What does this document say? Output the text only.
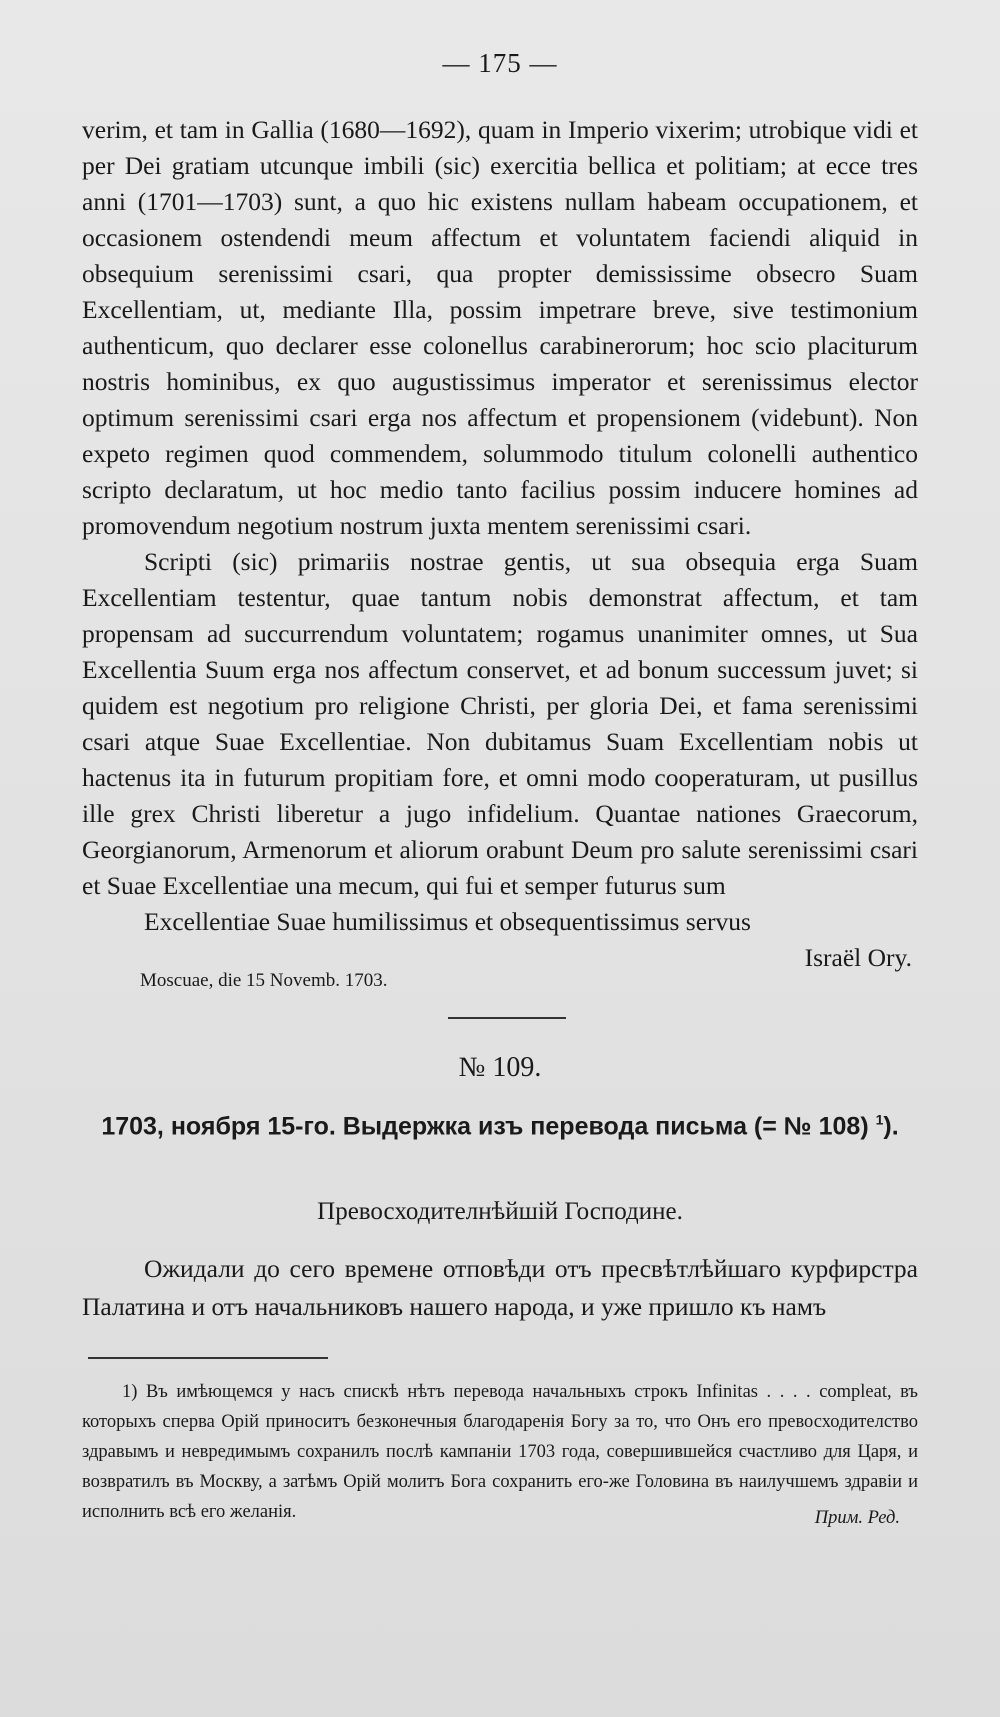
— 175 —

verim, et tam in Gallia (1680—1692), quam in Imperio vixerim; utrobique vidi et per Dei gratiam utcunque imbili (sic) exercitia bellica et politiam; at ecce tres anni (1701—1703) sunt, a quo hic existens nullam habeam occupationem, et occasionem ostendendi meum affectum et voluntatem faciendi aliquid in obsequium serenissimi csari, qua propter demississime obsecro Suam Excellentiam, ut, mediante Illa, possim impetrare breve, sive testimonium authenticum, quo declarer esse colonellus carabinerorum; hoc scio placiturum nostris hominibus, ex quo augustissimus imperator et serenissimus elector optimum serenissimi csari erga nos affectum et propensionem (videbunt). Non expeto regimen quod commendem, solummodo titulum colonelli authentico scripto declaratum, ut hoc medio tanto facilius possim inducere homines ad promovendum negotium nostrum juxta mentem serenissimi csari.

Scripti (sic) primariis nostrae gentis, ut sua obsequia erga Suam Excellentiam testentur, quae tantum nobis demonstrat affectum, et tam propensam ad succurrendum voluntatem; rogamus unanimiter omnes, ut Sua Excellentia Suum erga nos affectum conservet, et ad bonum successum juvet; si quidem est negotium pro religione Christi, per gloria Dei, et fama serenissimi csari atque Suae Excellentiae. Non dubitamus Suam Excellentiam nobis ut hactenus ita in futurum propitiam fore, et omni modo cooperaturam, ut pusillus ille grex Christi liberetur a jugo infidelium. Quantae nationes Graecorum, Georgianorum, Armenorum et aliorum orabunt Deum pro salute serenissimi csari et Suae Excellentiae una mecum, qui fui et semper futurus sum

Excellentiae Suae humilissimus et obsequentissimus servus

Israël Ory.

Moscuae, die 15 Novemb. 1703.
№ 109.
1703, ноября 15-го. Выдержка изъ перевода письма (= № 108) $^1$).
Превосходителнѣйшій Господине.

Ожидали до сего времене отповѣди отъ пресвѣтлѣйшаго курфирстра Палатина и отъ начальниковъ нашего народа, и уже пришло къ намъ

1) Въ имѣющемся у насъ спискѣ нѣтъ перевода начальныхъ строкъ Infinitas . . . . compleat, въ которыхъ сперва Орій приноситъ безконечныя благодаренія Богу за то, что Онъ его превосходителство здравымъ и невредимымъ сохранилъ послѣ кампаніи 1703 года, совершившейся счастливо для Царя, и возвратилъ въ Москву, а затѣмъ Орій молитъ Бога сохранить его-же Головина въ наилучшемъ здравіи и исполнить всѣ его желанія.	Прим. Ред.
